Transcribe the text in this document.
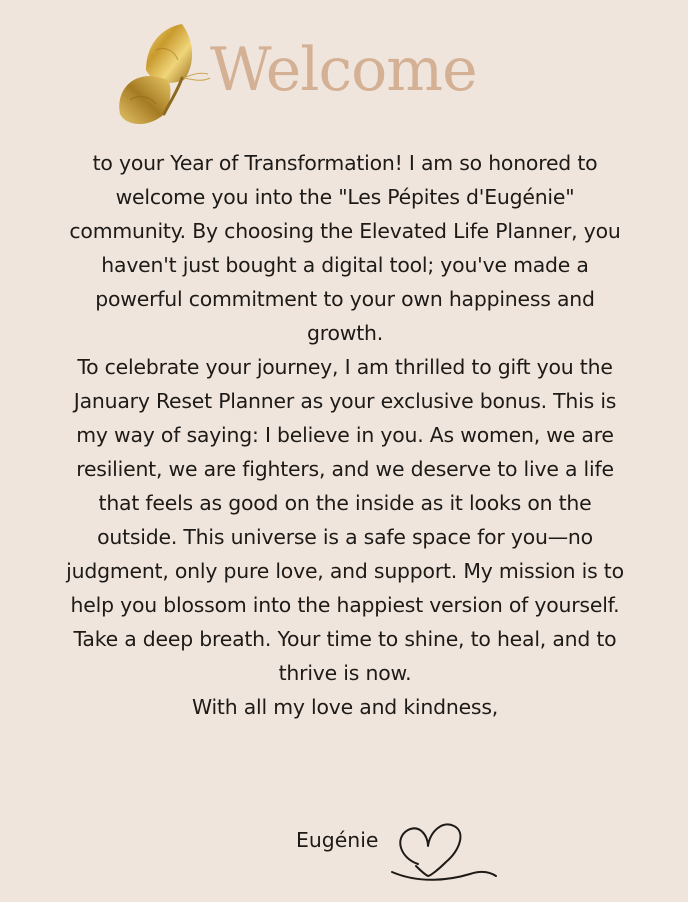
Welcome

to your Year of Transformation! I am so honored to welcome you into the "Les Pépites d'Eugénie" community. By choosing the Elevated Life Planner, you haven't just bought a digital tool; you've made a powerful commitment to your own happiness and growth.

To celebrate your journey, I am thrilled to gift you the January Reset Planner as your exclusive bonus. This is my way of saying: I believe in you. As women, we are resilient, we are fighters, and we deserve to live a life that feels as good on the inside as it looks on the outside. This universe is a safe space for you—no judgment, only pure love, and support. My mission is to help you blossom into the happiest version of yourself.

Take a deep breath. Your time to shine, to heal, and to thrive is now.

With all my love and kindness,

Eugénie
